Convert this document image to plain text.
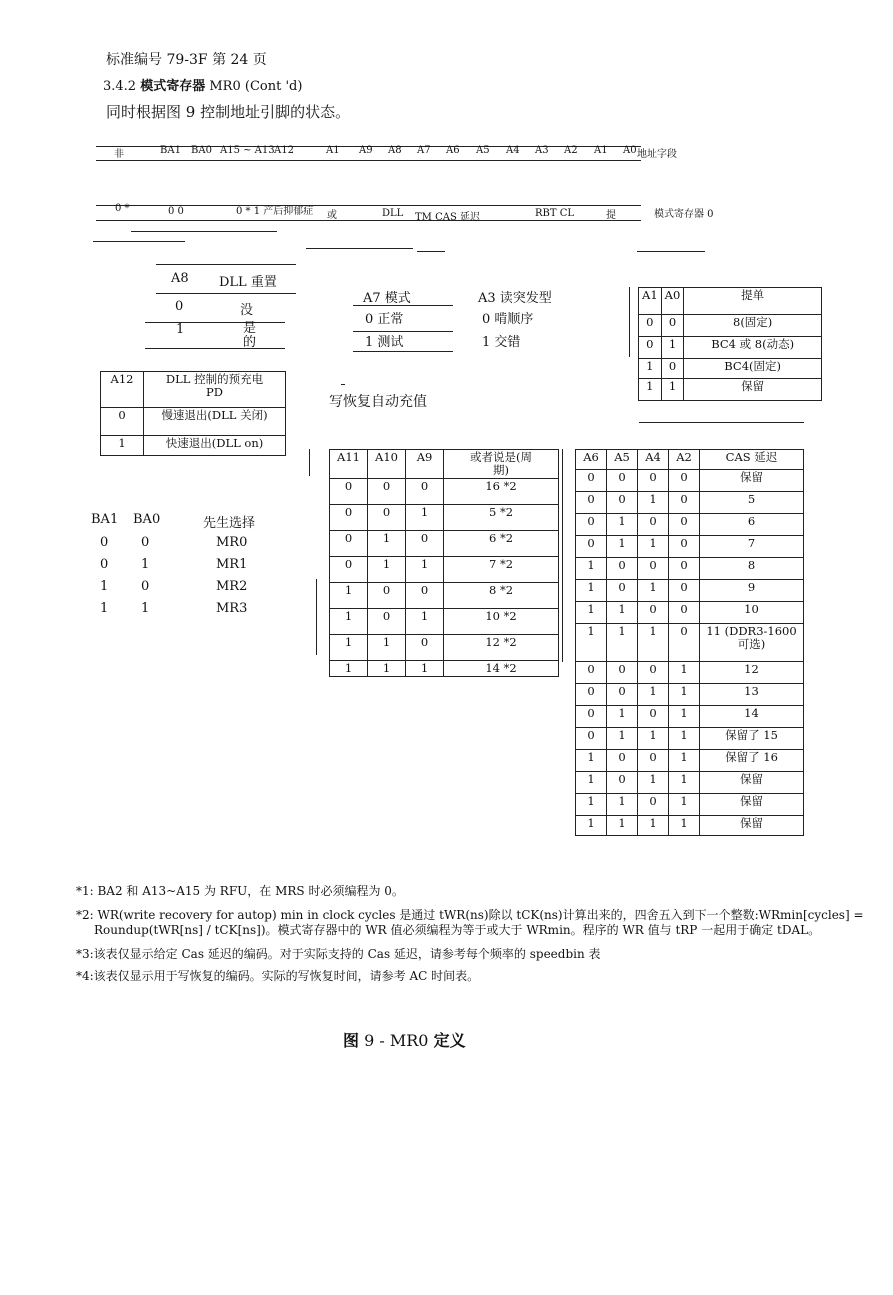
标准编号 79-3F 第 24 页
3.4.2 模式寄存器 MR0 (Cont 'd)
同时根据图 9 控制地址引脚的状态。
非	BA1 BA0 A15 ~ A13 A12	A1 A9 A8 A7 A6 A5 A4 A3 A2 A1 A0 地址字段
0 *	0 0	0 * 1 产后抑郁症 或	DLL TM CAS 延迟	RBT CL	提	模式寄存器 0
A8 DLL 重置
0	没
1	是的
A7 模式	A3 读突发型
0 正常	0 啃顺序
1 测试	1 交错
A1	A0	提单
0	0	8(固定)
0	1	BC4 或 8(动态)
1	0	BC4(固定)
1	1	保留
A12	DLL 控制的预充电 PD
0	慢速退出(DLL 关闭)
1	快速退出(DLL on)
写恢复自动充值
A11	A10	A9	或者说是(周期)
0	0	0	16 *2
0	0	1	5 *2
0	1	0	6 *2
0	1	1	7 *2
1	0	0	8 *2
1	0	1	10 *2
1	1	0	12 *2
1	1	1	14 *2
BA1 BA0	先生选择
0	0	MR0
0	1	MR1
1	0	MR2
1	1	MR3
A6	A5	A4	A2	CAS 延迟
0	0	0	0	保留
0	0	1	0	5
0	1	0	0	6
0	1	1	0	7
1	0	0	0	8
1	0	1	0	9
1	1	0	0	10
1	1	1	0	11 (DDR3-1600 可选)
0	0	0	1	12
0	0	1	1	13
0	1	0	1	14
0	1	1	1	保留了 15
1	0	0	1	保留了 16
1	0	1	1	保留
1	1	0	1	保留
1	1	1	1	保留
*1: BA2 和 A13~A15 为 RFU，在 MRS 时必须编程为 0。
*2: WR(write recovery for autop) min in clock cycles 是通过 tWR(ns)除以 tCK(ns)计算出来的，四舍五入到下一个整数:WRmin[cycles] =
Roundup(tWR[ns] / tCK[ns])。模式寄存器中的 WR 值必须编程为等于或大于 WRmin。程序的 WR 值与 tRP 一起用于确定 tDAL。
*3:该表仅显示给定 Cas 延迟的编码。对于实际支持的 Cas 延迟，请参考每个频率的 speedbin 表
*4:该表仅显示用于写恢复的编码。实际的写恢复时间，请参考 AC 时间表。
图 9 - MR0 定义
